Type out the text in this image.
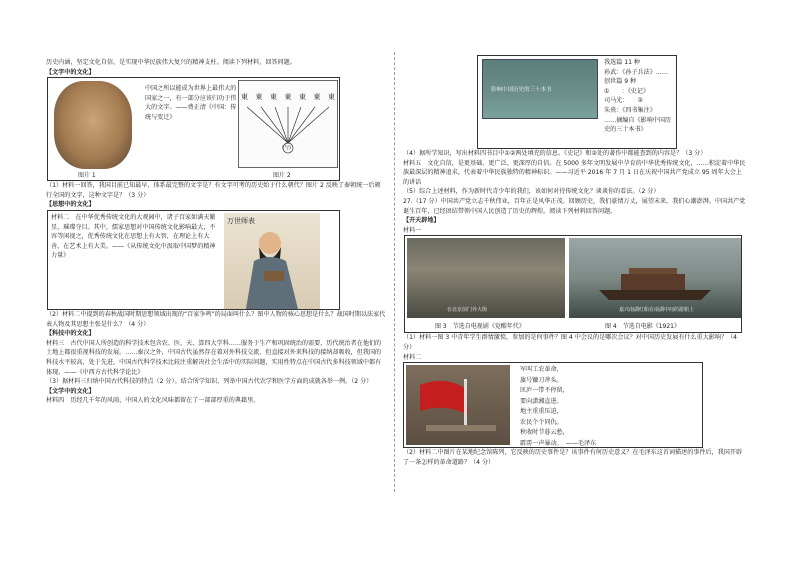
历史内涵，坚定文化自信，是实现中华民族伟大复兴的精神支柱。阅读下列材料，回答问题。

【文字中的文化】

中国之所以能成为世界上最伟大的国家之一，有一部分应该归功于伟大的文字。——费正清《中国：传统与变迁》

東 東 東 東 東 東 東
(与)
图片 1	图片 2

（1）材料一回答，我国目前已知最早、体系最完整的文字是？有文字可考的历史始于什么朝代？图片 2 反映了秦朝统一后颁行全国的文字，这种文字是？（3 分）

【思想中的文化】

材料二　在中华优秀传统文化的大观园中，诸子百家如满天繁星，璀璨夺目。其中，儒家思想对中国传统文化影响最大，不容等闲视之，优秀传统文化在思想上有大智，在理论上有大善，在艺术上有大美。——《从传统文化中汲取中国梦的精神力量》

万世师表

（2）材料二中提到的春秋战国时期思想领域出现的“百家争鸣”的局面叫什么？图中人物的核心思想是什么？战国时期以法家代表人物及其思想主张是什么？（4 分）

【科技中的文化】

材料三　古代中国人所创造的科学技术包含农、医、天、算四大学科……服务于生产和巩固统治的需要，历代统治者在他们的土地上都很重视科技的发展。……秦汉之外，中国古代虽然存在着对外科技交流，但直接对外来科技的接纳却吸收，但我国的科技水平较高，处于先进，中国古代科学技术比较注重解决社会生活中的实际问题，实用性特点在中国古代多科技领域中都有体现。——《中西方古代科学论比》

（3）据材料三归纳中国古代科技的特点（2 分）。结合所学知识，列举中国古代农学和医学方面的成就各举一例。（2 分）

【文学中的文化】

材料四　历经几千年的风雨，中国人的文化风味都留在了一部部厚重的典籍里。

影响中国历史的三十本书

我选篇 11 种

孙武：《孙子兵法》……

创世篇 9 种

①　　：《史记》

司马光：　　②

朱熹：《四书集注》

……摘编自《影响中国历史的三十本书》

（4）据所学知识，写出材料四书目中①②两处填充的信息。《史记》和②处的著作中都能查到的内容是？（3 分）

材料五　文化自信，是更基础、更广泛、更深厚的自信。在 5000 多年文明发展中孕育的中华优秀传统文化，……积淀着中华民族最深层的精神追求，代表着中华民族独特的精神标识。——习近平 2016 年 7 月 1 日在庆祝中国共产党成立 95 周年大会上的讲话

（5）综合上述材料，作为新时代青少年的我们，该如何对待传统文化？谈谈你的看法。（2 分）

27.（17 分）中国共产党立志千秋伟业，百年正是风华正茂。回顾历史，我们豪情万丈，展望未来，我们心潮澎湃。中国共产党诞生百年，已经团结带领中国人民创造了历史的辉煌。阅读下列材料回答问题。

【开天辟地】

材料一

在北京前门外大街	嘉兴南湖红船在南湖中间的游船上
图 3　节选自电视剧《觉醒年代》	图 4　节选自电影《1921》

（1）材料一图 3 中青年学生群情激愤，参加的是何事件？图 4 中会议的是哪次会议？对中国历史发展有什么重大影响？（4 分）

材料二

军叫工农革命，

旗号镰刀斧头。

匡庐一带不停留，

要向潇湘直进。

地主重重压迫，

农民个个同仇。

秋收时节暮云愁，

霹雳一声暴动。　——毛泽东

（2）材料二中图片在某地纪念馆陈列，它反映的历史事件是？该事件有何历史意义？在毛泽东这首词描述的事件后，我国开辟了一条怎样的革命道路？（4 分）
